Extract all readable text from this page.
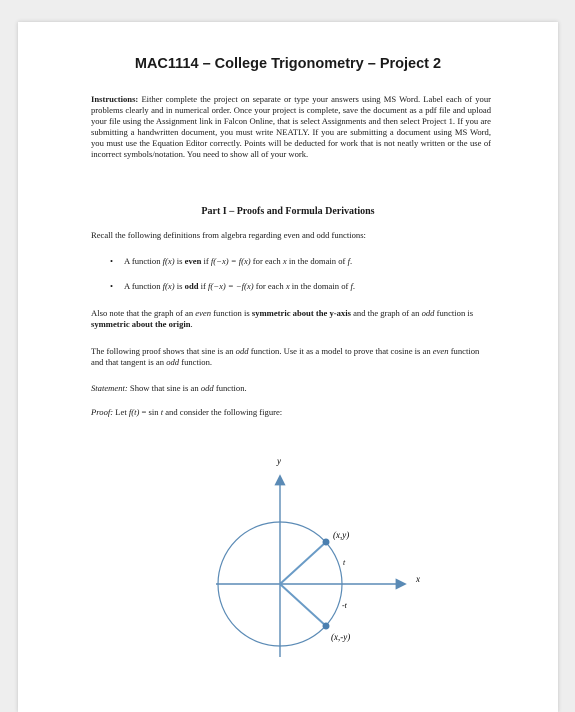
MAC1114 – College Trigonometry – Project 2
Instructions: Either complete the project on separate or type your answers using MS Word. Label each of your problems clearly and in numerical order. Once your project is complete, save the document as a pdf file and upload your file using the Assignment link in Falcon Online, that is select Assignments and then select Project 1. If you are submitting a handwritten document, you must write NEATLY. If you are submitting a document using MS Word, you must use the Equation Editor correctly. Points will be deducted for work that is not neatly written or the use of incorrect symbols/notation. You need to show all of your work.
Part I – Proofs and Formula Derivations
Recall the following definitions from algebra regarding even and odd functions:
• A function f(x) is even if f(−x) = f(x) for each x in the domain of f.
• A function f(x) is odd if f(−x) = −f(x) for each x in the domain of f.
Also note that the graph of an even function is symmetric about the y-axis and the graph of an odd function is symmetric about the origin.
The following proof shows that sine is an odd function. Use it as a model to prove that cosine is an even function and that tangent is an odd function.
Statement: Show that sine is an odd function.
Proof: Let f(t) = sin t and consider the following figure:
y
x
(x,y)
(x,-y)
t
-t
